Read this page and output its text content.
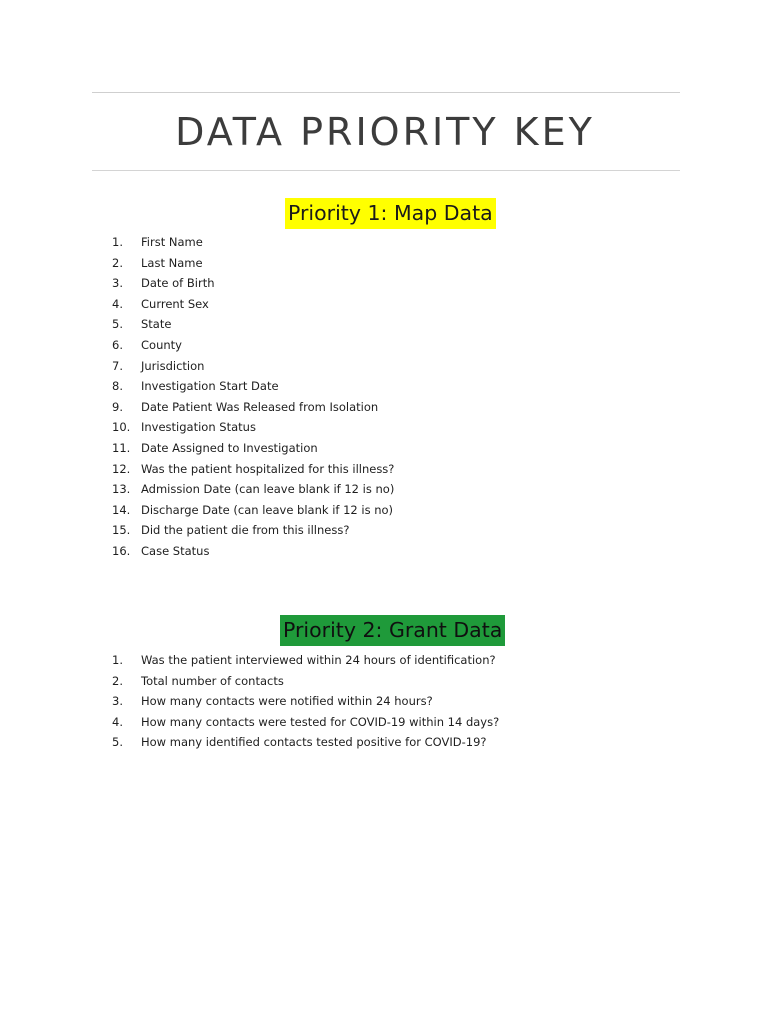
DATA PRIORITY KEY
Priority 1: Map Data
1.	First Name
2.	Last Name
3.	Date of Birth
4.	Current Sex
5.	State
6.	County
7.	Jurisdiction
8.	Investigation Start Date
9.	Date Patient Was Released from Isolation
10. Investigation Status
11. Date Assigned to Investigation
12. Was the patient hospitalized for this illness?
13. Admission Date (can leave blank if 12 is no)
14. Discharge Date (can leave blank if 12 is no)
15. Did the patient die from this illness?
16. Case Status
Priority 2: Grant Data
1.	Was the patient interviewed within 24 hours of identification?
2.	Total number of contacts
3.	How many contacts were notified within 24 hours?
4.	How many contacts were tested for COVID-19 within 14 days?
5.	How many identified contacts tested positive for COVID-19?
